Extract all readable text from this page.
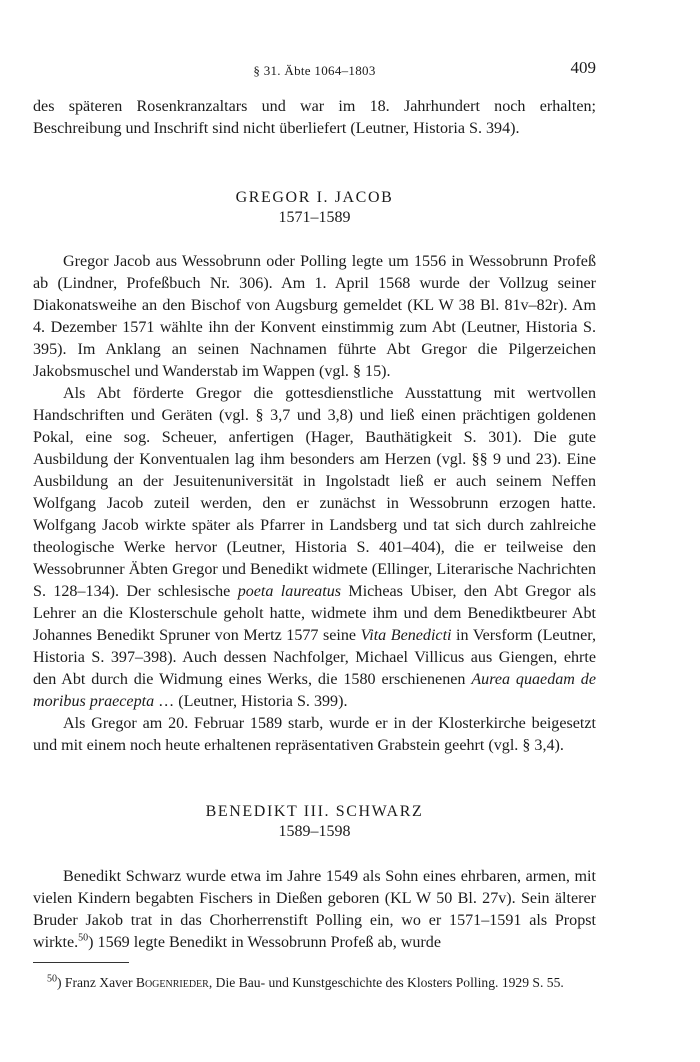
§ 31. Äbte 1064–1803	409

des späteren Rosenkranzaltars und war im 18. Jahrhundert noch erhalten; Beschreibung und Inschrift sind nicht überliefert (Leutner, Historia S. 394).

GREGOR I. JACOB
1571–1589

Gregor Jacob aus Wessobrunn oder Polling legte um 1556 in Wessobrunn Profeß ab (Lindner, Profeßbuch Nr. 306). Am 1. April 1568 wurde der Vollzug seiner Diakonatsweihe an den Bischof von Augsburg gemeldet (KL W 38 Bl. 81v–82r). Am 4. Dezember 1571 wählte ihn der Konvent einstimmig zum Abt (Leutner, Historia S. 395). Im Anklang an seinen Nachnamen führte Abt Gregor die Pilgerzeichen Jakobsmuschel und Wanderstab im Wappen (vgl. § 15).

Als Abt förderte Gregor die gottesdienstliche Ausstattung mit wertvollen Handschriften und Geräten (vgl. § 3,7 und 3,8) und ließ einen prächtigen goldenen Pokal, eine sog. Scheuer, anfertigen (Hager, Bauthätigkeit S. 301). Die gute Ausbildung der Konventualen lag ihm besonders am Herzen (vgl. §§ 9 und 23). Eine Ausbildung an der Jesuitenuniversität in Ingolstadt ließ er auch seinem Neffen Wolfgang Jacob zuteil werden, den er zunächst in Wessobrunn erzogen hatte. Wolfgang Jacob wirkte später als Pfarrer in Landsberg und tat sich durch zahlreiche theologische Werke hervor (Leutner, Historia S. 401–404), die er teilweise den Wessobrunner Äbten Gregor und Benedikt widmete (Ellinger, Literarische Nachrichten S. 128–134). Der schlesische poeta laureatus Micheas Ubiser, den Abt Gregor als Lehrer an die Klosterschule geholt hatte, widmete ihm und dem Benediktbeurer Abt Johannes Benedikt Spruner von Mertz 1577 seine Vita Benedicti in Versform (Leutner, Historia S. 397–398). Auch dessen Nachfolger, Michael Villicus aus Giengen, ehrte den Abt durch die Widmung eines Werks, die 1580 erschienenen Aurea quaedam de moribus praecepta … (Leutner, Historia S. 399).

Als Gregor am 20. Februar 1589 starb, wurde er in der Klosterkirche beigesetzt und mit einem noch heute erhaltenen repräsentativen Grabstein geehrt (vgl. § 3,4).

BENEDIKT III. SCHWARZ
1589–1598

Benedikt Schwarz wurde etwa im Jahre 1549 als Sohn eines ehrbaren, armen, mit vielen Kindern begabten Fischers in Dießen geboren (KL W 50 Bl. 27v). Sein älterer Bruder Jakob trat in das Chorherrenstift Polling ein, wo er 1571–1591 als Propst wirkte.$^{50}$) 1569 legte Benedikt in Wessobrunn Profeß ab, wurde

$^{50}$) Franz Xaver Bogenrieder, Die Bau- und Kunstgeschichte des Klosters Polling. 1929 S. 55.
